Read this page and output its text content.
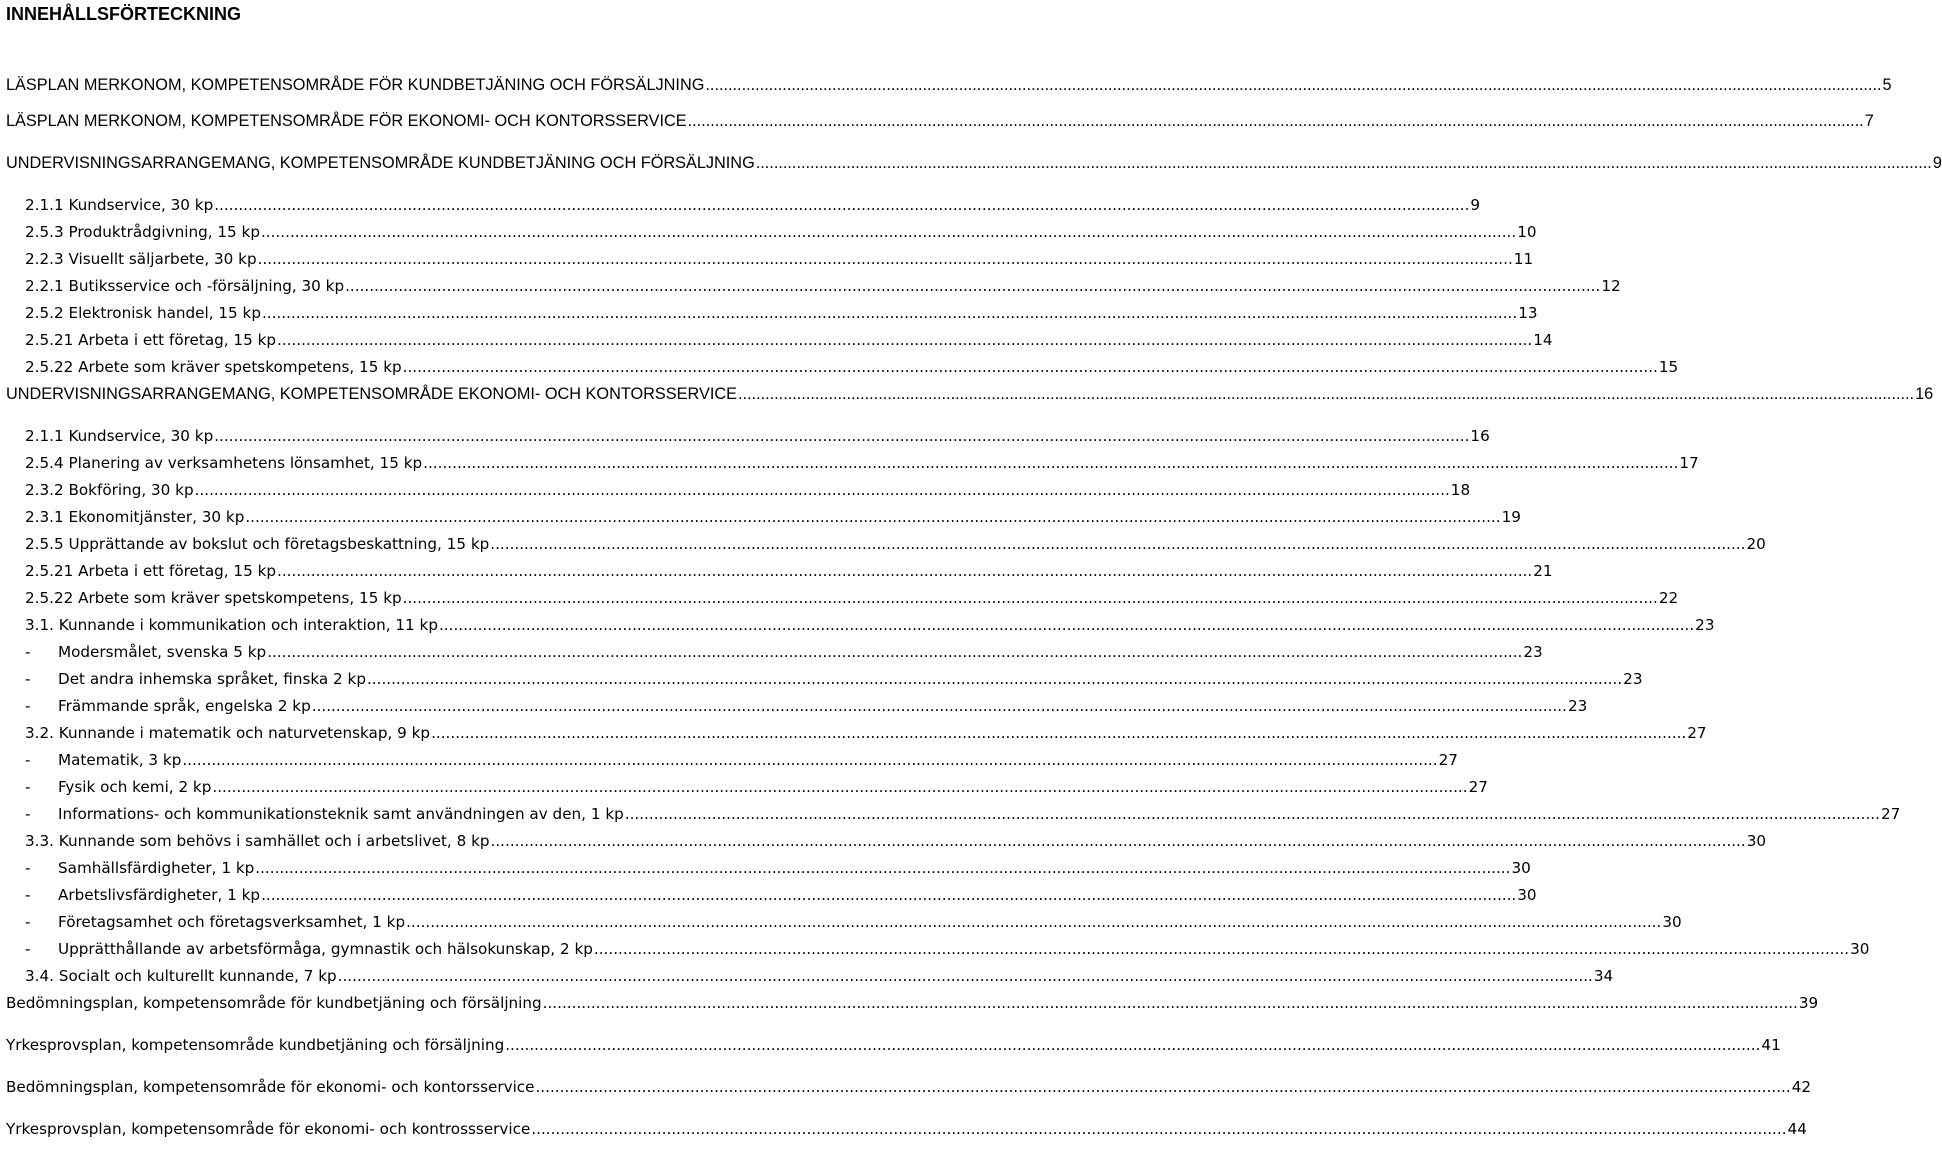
INNEHÅLLSFÖRTECKNING
LÄSPLAN MERKONOM, KOMPETENSOMRÅDE FÖR KUNDBETJÄNING OCH FÖRSÄLJNING .....	5
LÄSPLAN MERKONOM, KOMPETENSOMRÅDE FÖR EKONOMI- OCH KONTORSSERVICE .....	7
UNDERVISNINGSARRANGEMANG, KOMPETENSOMRÅDE KUNDBETJÄNING OCH FÖRSÄLJNING .....	9
2.1.1 Kundservice, 30 kp .....	9
2.5.3 Produktrådgivning, 15 kp .....	10
2.2.3 Visuellt säljarbete, 30 kp .....	11
2.2.1 Butiksservice och -försäljning, 30 kp .....	12
2.5.2 Elektronisk handel, 15 kp .....	13
2.5.21 Arbeta i ett företag, 15 kp .....	14
2.5.22 Arbete som kräver spetskompetens, 15 kp .....	15
UNDERVISNINGSARRANGEMANG, KOMPETENSOMRÅDE EKONOMI- OCH KONTORSSERVICE .....	16
2.1.1 Kundservice, 30 kp .....	16
2.5.4 Planering av verksamhetens lönsamhet, 15 kp .....	17
2.3.2 Bokföring, 30 kp .....	18
2.3.1 Ekonomitjänster, 30 kp .....	19
2.5.5 Upprättande av bokslut och företagsbeskattning, 15 kp .....	20
2.5.21 Arbeta i ett företag, 15 kp .....	21
2.5.22 Arbete som kräver spetskompetens, 15 kp .....	22
3.1. Kunnande i kommunikation och interaktion, 11 kp .....	23
-	Modersmålet, svenska 5 kp .....	23
-	Det andra inhemska språket, finska 2 kp .....	23
-	Främmande språk, engelska 2 kp .....	23
3.2. Kunnande i matematik och naturvetenskap, 9 kp .....	27
-	Matematik, 3 kp .....	27
-	Fysik och kemi, 2 kp .....	27
-	Informations- och kommunikationsteknik samt användningen av den, 1 kp .....	27
3.3. Kunnande som behövs i samhället och i arbetslivet, 8 kp .....	30
-	Samhällsfärdigheter, 1 kp .....	30
-	Arbetslivsfärdigheter, 1 kp .....	30
-	Företagsamhet och företagsverksamhet, 1 kp .....	30
-	Upprätthållande av arbetsförmåga, gymnastik och hälsokunskap, 2 kp .....	30
3.4. Socialt och kulturellt kunnande, 7 kp .....	34
Bedömningsplan, kompetensområde för kundbetjäning och försäljning .....	39
Yrkesprovsplan, kompetensområde kundbetjäning och försäljning .....	41
Bedömningsplan, kompetensområde för ekonomi- och kontorsservice .....	42
Yrkesprovsplan, kompetensområde för ekonomi- och kontrossservice .....	44
